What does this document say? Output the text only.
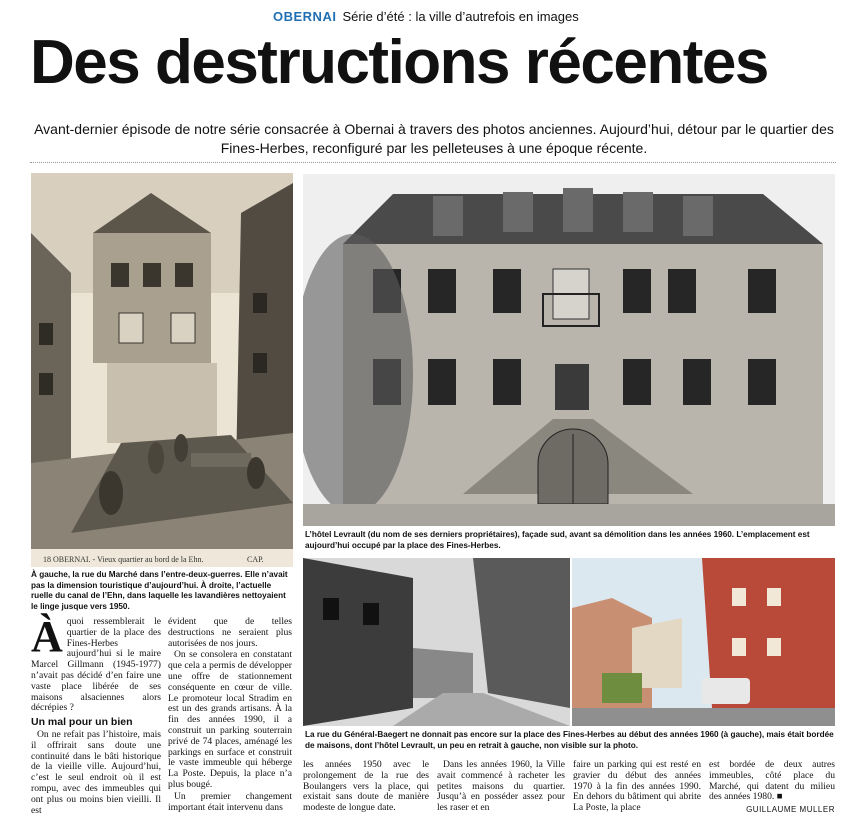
OBERNAI Série d’été : la ville d’autrefois en images
Des destructions récentes
Avant-dernier épisode de notre série consacrée à Obernai à travers des photos anciennes. Aujourd’hui, détour par le quartier des Fines-Herbes, reconfiguré par les pelleteuses à une époque récente.
18 OBERNAI. - Vieux quartier au bord de la Ehn.	CAP.
L’hôtel Levrault (du nom de ses derniers propriétaires), façade sud, avant sa démolition dans les années 1960. L’emplacement est aujourd’hui occupé par la place des Fines-Herbes.
À gauche, la rue du Marché dans l’entre-deux-guerres. Elle n’avait pas la dimension touristique d’aujourd’hui. À droite, l’actuelle ruelle du canal de l’Ehn, dans laquelle les lavandières nettoyaient le linge jusque vers 1950.
La rue du Général-Baegert ne donnait pas encore sur la place des Fines-Herbes au début des années 1960 (à gauche), mais était bordée de maisons, dont l’hôtel Levrault, un peu en retrait à gauche, non visible sur la photo.

Àquoi ressemblerait le quartier de la place des Fines-Herbes aujourd’hui si le maire Marcel Gillmann (1945-1977) n’avait pas décidé d’en faire une vaste place libérée de ses maisons alsaciennes alors décrépies ?

Un mal pour un bien

On ne refait pas l’histoire, mais il offrirait sans doute une continuité dans le bâti historique de la vieille ville. Aujourd’hui, c’est le seul endroit où il est rompu, avec des immeubles qui ont plus ou moins bien vieilli. Il est

évident que de telles destructions ne seraient plus autorisées de nos jours.

On se consolera en constatant que cela a permis de développer une offre de stationnement conséquente en cœur de ville. Le promoteur local Stradim en est un des grands artisans. À la fin des années 1990, il a construit un parking souterrain privé de 74 places, aménagé les parkings en surface et construit le vaste immeuble qui héberge La Poste. Depuis, la place n’a plus bougé.

Un premier changement important était intervenu dans

les années 1950 avec le prolongement de la rue des Boulangers vers la place, qui existait sans doute de manière modeste de longue date.

Dans les années 1960, la Ville avait commencé à racheter les petites maisons du quartier. Jusqu’à en posséder assez pour les raser et en

faire un parking qui est resté en gravier du début des années 1970 à la fin des années 1990. En dehors du bâtiment qui abrite La Poste, la place

est bordée de deux autres immeubles, côté place du Marché, qui datent du milieu des années 1980. ■

GUILLAUME MULLER
